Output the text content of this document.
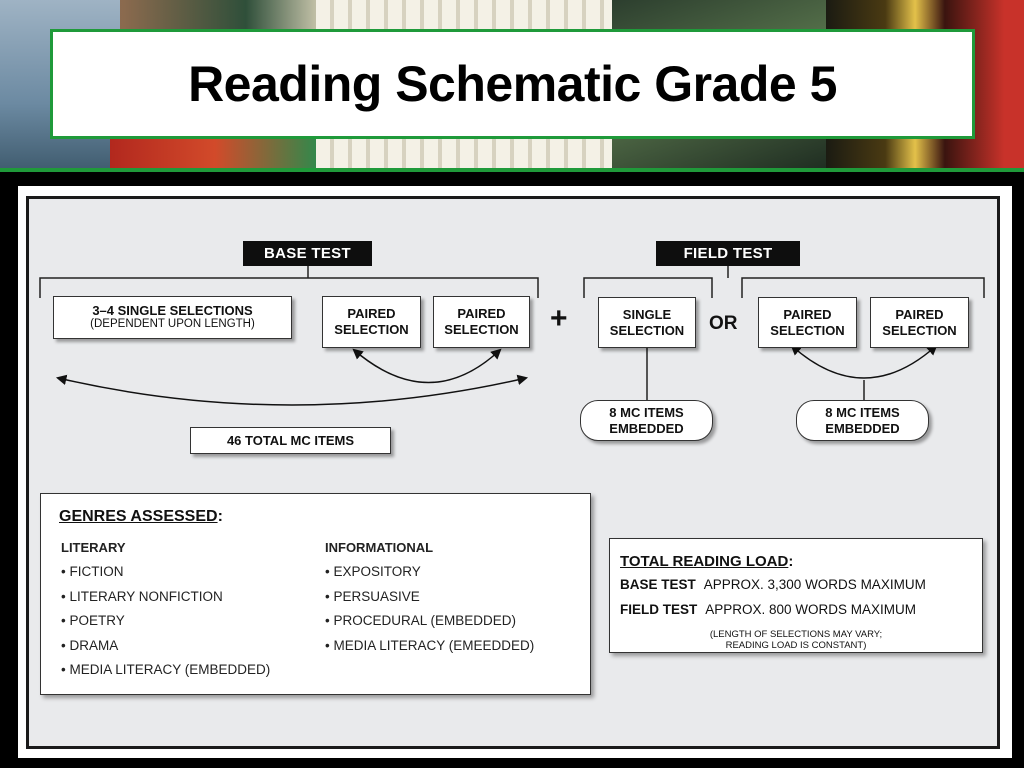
Reading Schematic Grade 5
BASE TEST	FIELD TEST
3–4 SINGLE SELECTIONS
(DEPENDENT UPON LENGTH)
PAIRED
SELECTION
PAIRED
SELECTION
46 TOTAL MC ITEMS
+	SINGLE
SELECTION OR	PAIRED
SELECTION
PAIRED
SELECTION
8 MC ITEMS
EMBEDDED
8 MC ITEMS
EMBEDDED
GENRES ASSESSED:
LITERARY
• FICTION
• LITERARY NONFICTION
• POETRY
• DRAMA
• MEDIA LITERACY (EMBEDDED)
INFORMATIONAL
• EXPOSITORY
• PERSUASIVE
• PROCEDURAL (EMBEDDED)
• MEDIA LITERACY (EMEEDDED)
TOTAL READING LOAD:
BASE TEST APPROX. 3,300 WORDS MAXIMUM
FIELD TEST APPROX. 800 WORDS MAXIMUM
(LENGTH OF SELECTIONS MAY VARY;
READING LOAD IS CONSTANT)
